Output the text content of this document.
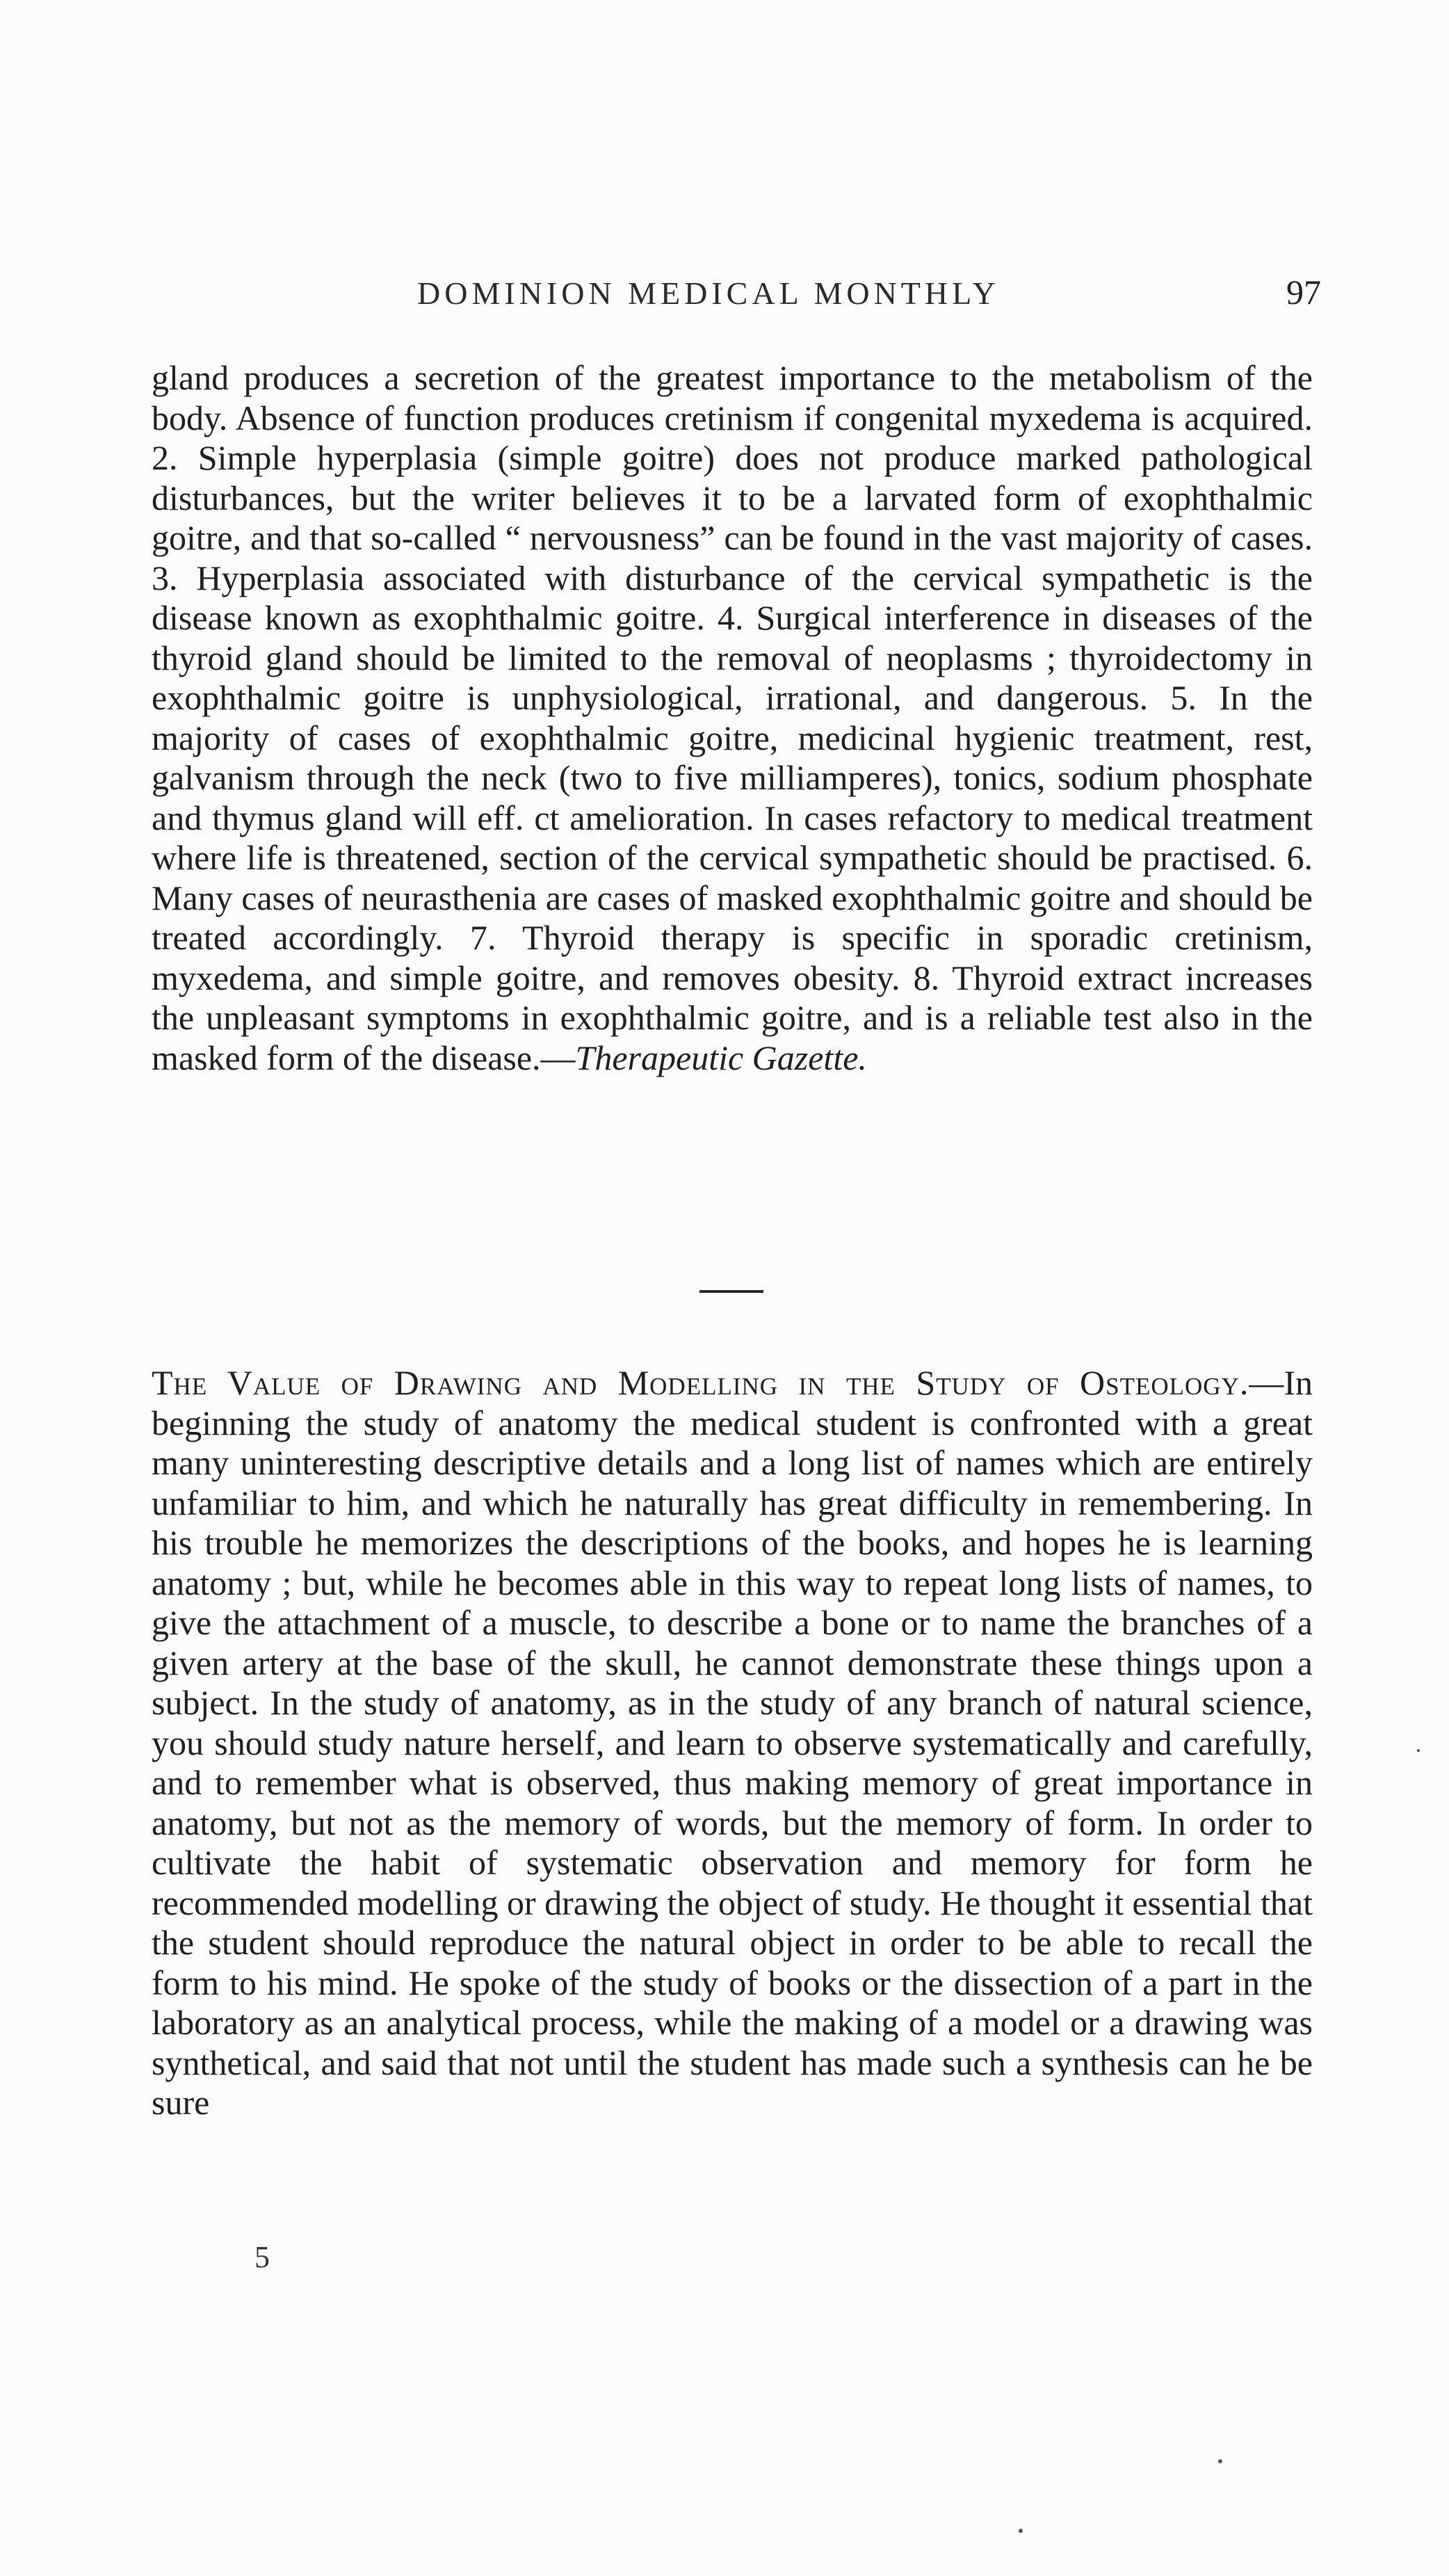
DOMINION MEDICAL MONTHLY	97
gland produces a secretion of the greatest importance to the metabolism of the body. Absence of function produces cretinism if congenital myxedema is acquired. 2. Simple hyperplasia (simple goitre) does not produce marked pathological disturbances, but the writer believes it to be a larvated form of exophthalmic goitre, and that so-called “ nervousness” can be found in the vast majority of cases. 3. Hyperplasia associated with disturbance of the cervical sympathetic is the disease known as exophthalmic goitre. 4. Surgical interference in diseases of the thyroid gland should be limited to the removal of neoplasms ; thyroidectomy in exophthalmic goitre is unphysiological, irrational, and dangerous. 5. In the majority of cases of exophthalmic goitre, medicinal hygienic treatment, rest, galvanism through the neck (two to five milliamperes), tonics, sodium phosphate and thymus gland will eff. ct amelioration. In cases refactory to medical treatment where life is threatened, section of the cervical sympathetic should be practised. 6. Many cases of neurasthenia are cases of masked exophthalmic goitre and should be treated accordingly. 7. Thyroid therapy is specific in sporadic cretinism, myxedema, and simple goitre, and removes obesity. 8. Thyroid extract increases the unpleasant symptoms in exophthalmic goitre, and is a reliable test also in the masked form of the disease.—Therapeutic Gazette.
The Value of Drawing and Modelling in the Study of Osteology.—In beginning the study of anatomy the medical student is confronted with a great many uninteresting descriptive details and a long list of names which are entirely unfamiliar to him, and which he naturally has great difficulty in remembering. In his trouble he memorizes the descriptions of the books, and hopes he is learning anatomy ; but, while he becomes able in this way to repeat long lists of names, to give the attachment of a muscle, to describe a bone or to name the branches of a given artery at the base of the skull, he cannot demonstrate these things upon a subject. In the study of anatomy, as in the study of any branch of natural science, you should study nature herself, and learn to observe systematically and carefully, and to remember what is observed, thus making memory of great importance in anatomy, but not as the memory of words, but the memory of form. In order to cultivate the habit of systematic observation and memory for form he recommended modelling or drawing the object of study. He thought it essential that the student should reproduce the natural object in order to be able to recall the form to his mind. He spoke of the study of books or the dissection of a part in the laboratory as an analytical process, while the making of a model or a drawing was synthetical, and said that not until the student has made such a synthesis can he be sure
5
